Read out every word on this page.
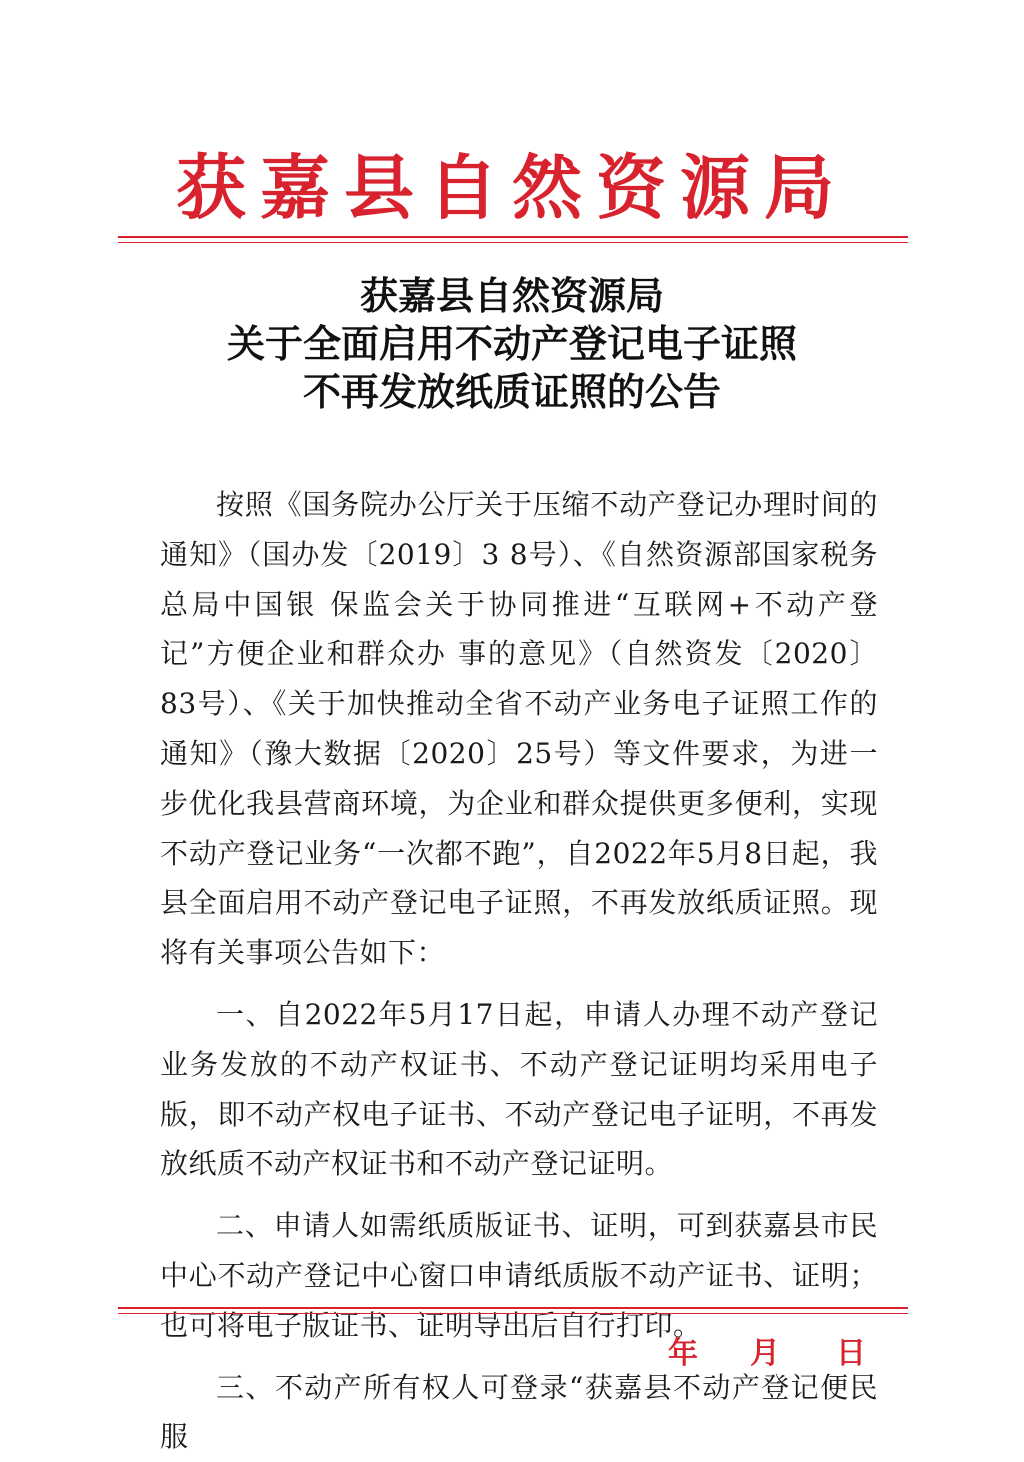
获嘉县自然资源局
获嘉县自然资源局
关于全面启用不动产登记电子证照
不再发放纸质证照的公告

按照《国务院办公厅关于压缩不动产登记办理时间的通知》（国办发〔2019〕3 8号）、《自然资源部国家税务总局中国银 保监会关于协同推进“互联网+不动产登记”方便企业和群众办 事的意见》（自然资发〔2020〕83号）、《关于加快推动全省不动产业务电子证照工作的通知》（豫大数据〔2020〕25号）等文件要求，为进一步优化我县营商环境，为企业和群众提供更多便利，实现不动产登记业务“一次都不跑”，自2022年5月8日起，我县全面启用不动产登记电子证照，不再发放纸质证照。现将有关事项公告如下：

一、自2022年5月17日起，申请人办理不动产登记业务发放的不动产权证书、不动产登记证明均采用电子版，即不动产权电子证书、不动产登记电子证明，不再发放纸质不动产权证书和不动产登记证明。

二、申请人如需纸质版证书、证明，可到获嘉县市民中心不动产登记中心窗口申请纸质版不动产证书、证明；也可将电子版证书、证明导出后自行打印。

三、不动产所有权人可登录“获嘉县不动产登记便民服

年 月 日
